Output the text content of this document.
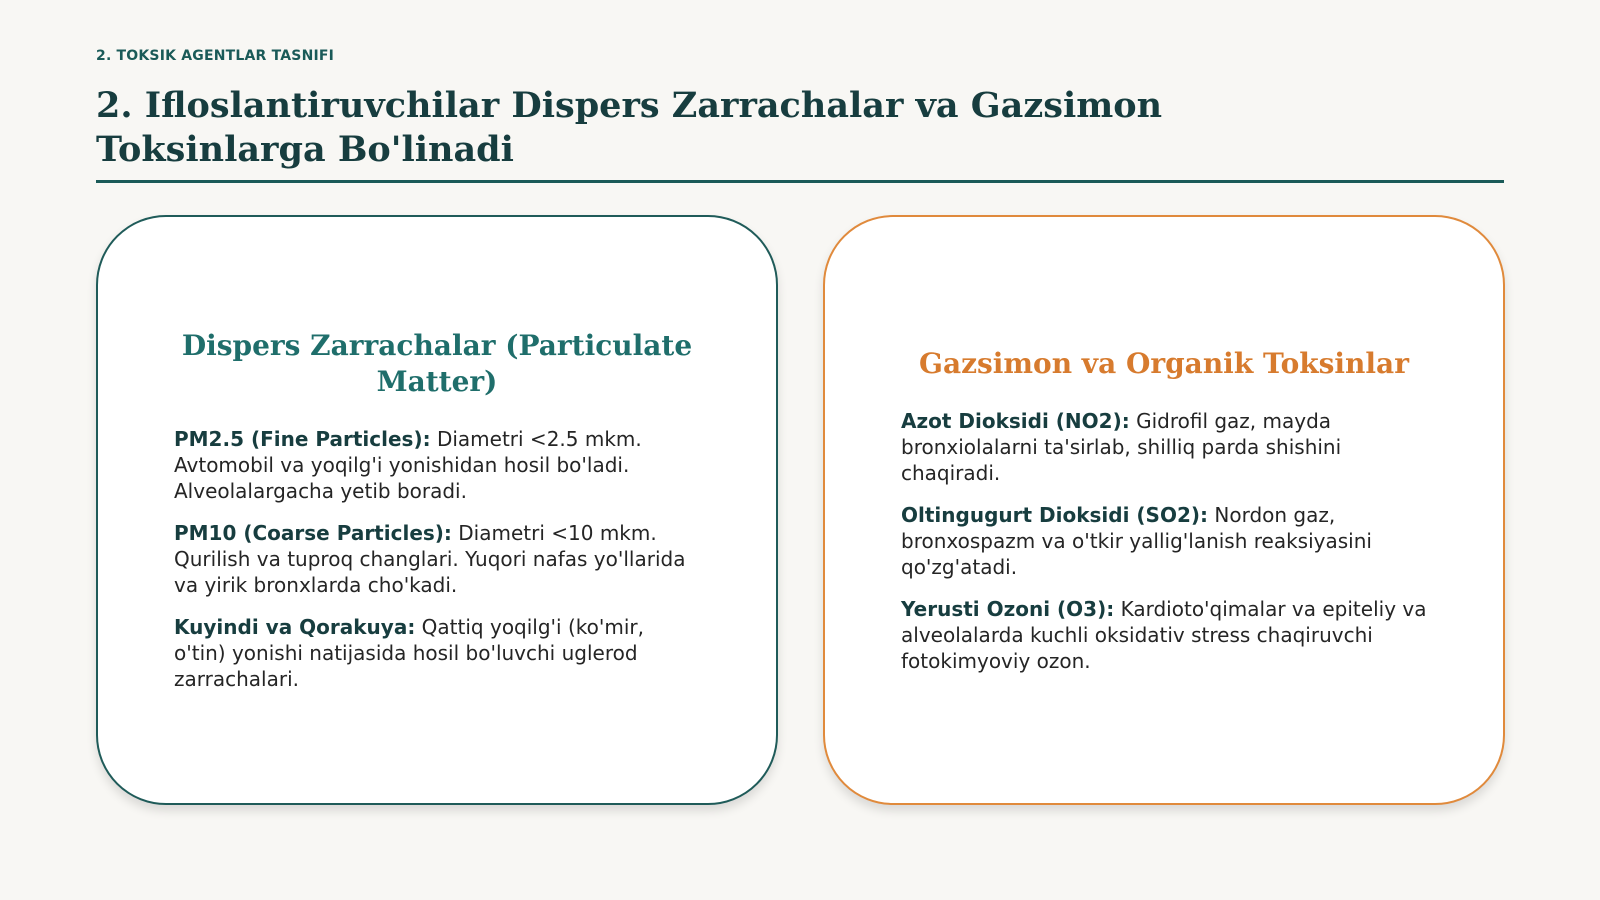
2. TOKSIK AGENTLAR TASNIFI
2. Ifloslantiruvchilar Dispers Zarrachalar va Gazsimon Toksinlarga Bo'linadi
Dispers Zarrachalar (Particulate Matter)

PM2.5 (Fine Particles): Diametri <2.5 mkm. Avtomobil va yoqilg'i yonishidan hosil bo'ladi. Alveolalargacha yetib boradi.

PM10 (Coarse Particles): Diametri <10 mkm. Qurilish va tuproq changlari. Yuqori nafas yo'llarida va yirik bronxlarda cho'kadi.

Kuyindi va Qorakuya: Qattiq yoqilg'i (ko'mir, o'tin) yonishi natijasida hosil bo'luvchi uglerod zarrachalari.

Gazsimon va Organik Toksinlar

Azot Dioksidi (NO2): Gidrofil gaz, mayda bronxiolalarni ta'sirlab, shilliq parda shishini chaqiradi.

Oltingugurt Dioksidi (SO2): Nordon gaz, bronxospazm va o'tkir yallig'lanish reaksiyasini qo'zg'atadi.

Yerusti Ozoni (O3): Kardioto'qimalar va epiteliy va alveolalarda kuchli oksidativ stress chaqiruvchi fotokimyoviy ozon.
